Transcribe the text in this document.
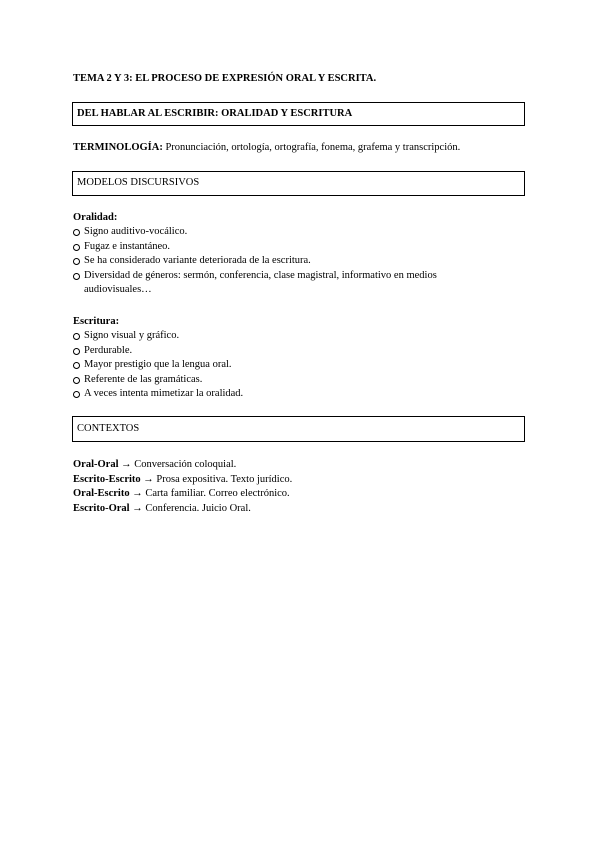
TEMA 2 Y 3: EL PROCESO DE EXPRESIÓN ORAL Y ESCRITA.
DEL HABLAR AL ESCRIBIR: ORALIDAD Y ESCRITURA
TERMINOLOGÍA: Pronunciación, ortología, ortografía, fonema, grafema y transcripción.
MODELOS DISCURSIVOS
Oralidad:
Signo auditivo-vocálico.
Fugaz e instantáneo.
Se ha considerado variante deteriorada de la escritura.
Diversidad de géneros: sermón, conferencia, clase magistral, informativo en medios audiovisuales…
Escritura:
Signo visual y gráfico.
Perdurable.
Mayor prestigio que la lengua oral.
Referente de las gramáticas.
A veces intenta mimetizar la oralidad.
CONTEXTOS
Oral-Oral → Conversación coloquial.
Escrito-Escrito → Prosa expositiva. Texto jurídico.
Oral-Escrito → Carta familiar. Correo electrónico.
Escrito-Oral → Conferencia. Juicio Oral.
